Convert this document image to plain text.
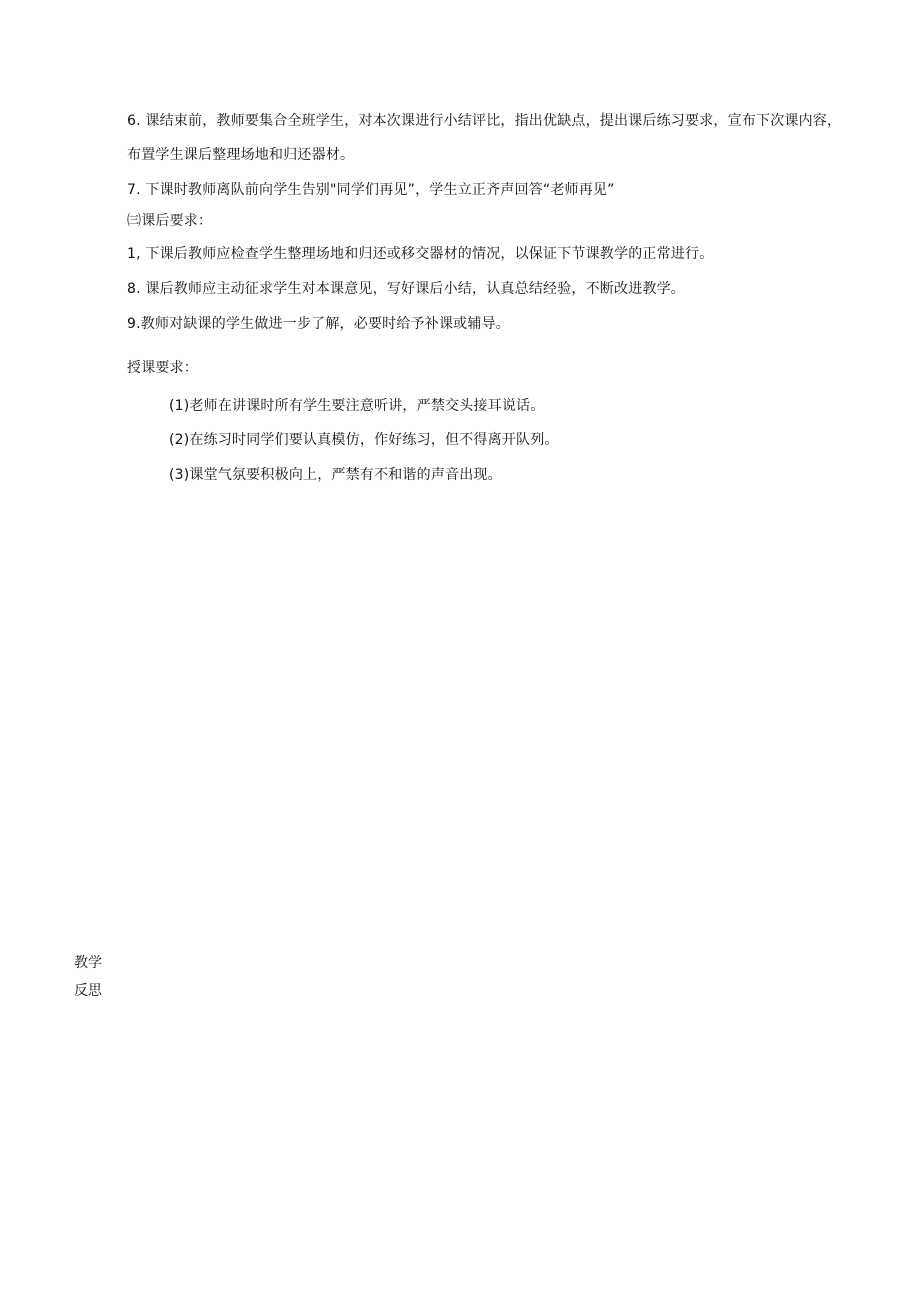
6. 课结束前，教师要集合全班学生，对本次课进行小结评比，指出优缺点，提出课后练习要求，宣布下次课内容，
布置学生课后整理场地和归还器材。
7. 下课时教师离队前向学生告别"同学们再见”，学生立正齐声回答“老师再见”
㈢课后要求：
1, 下课后教师应检查学生整理场地和归还或移交器材的情况，以保证下节课教学的正常进行。
8. 课后教师应主动征求学生对本课意见，写好课后小结，认真总结经验，不断改进教学。
9.教师对缺课的学生做进一步了解，必要时给予补课或辅导。
授课要求：
(1)老师在讲课时所有学生要注意听讲，严禁交头接耳说话。
(2)在练习时同学们要认真模仿，作好练习，但不得离开队列。
(3)课堂气氛要积极向上，严禁有不和谐的声音出现。
教学
反思
